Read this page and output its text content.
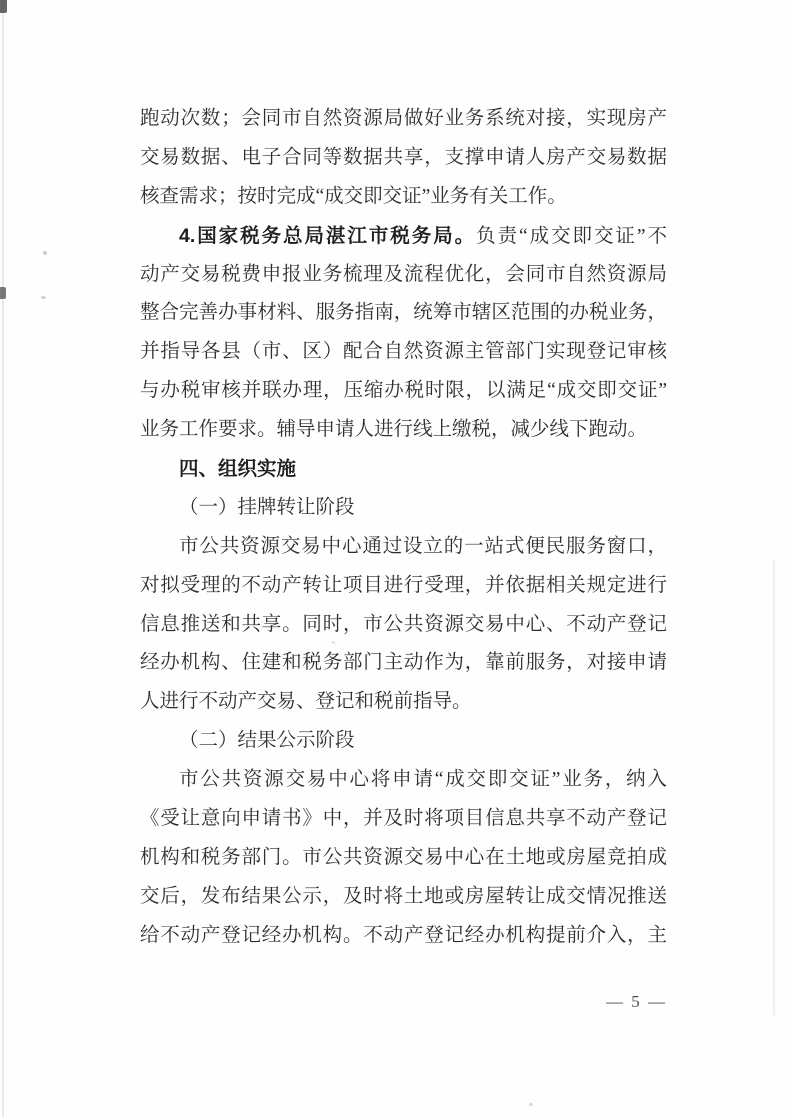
跑动次数；会同市自然资源局做好业务系统对接，实现房产
交易数据、电子合同等数据共享，支撑申请人房产交易数据
核查需求；按时完成“成交即交证”业务有关工作。
4.国家税务总局湛江市税务局。负责“成交即交证”不
动产交易税费申报业务梳理及流程优化，会同市自然资源局
整合完善办事材料、服务指南，统筹市辖区范围的办税业务，
并指导各县（市、区）配合自然资源主管部门实现登记审核
与办税审核并联办理，压缩办税时限，以满足“成交即交证”
业务工作要求。辅导申请人进行线上缴税，减少线下跑动。
四、组织实施
（一）挂牌转让阶段
市公共资源交易中心通过设立的一站式便民服务窗口，
对拟受理的不动产转让项目进行受理，并依据相关规定进行
信息推送和共享。同时，市公共资源交易中心、不动产登记
经办机构、住建和税务部门主动作为，靠前服务，对接申请
人进行不动产交易、登记和税前指导。
（二）结果公示阶段
市公共资源交易中心将申请“成交即交证”业务，纳入
《受让意向申请书》中，并及时将项目信息共享不动产登记
机构和税务部门。市公共资源交易中心在土地或房屋竞拍成
交后，发布结果公示，及时将土地或房屋转让成交情况推送
给不动产登记经办机构。不动产登记经办机构提前介入，主
— 5 —
